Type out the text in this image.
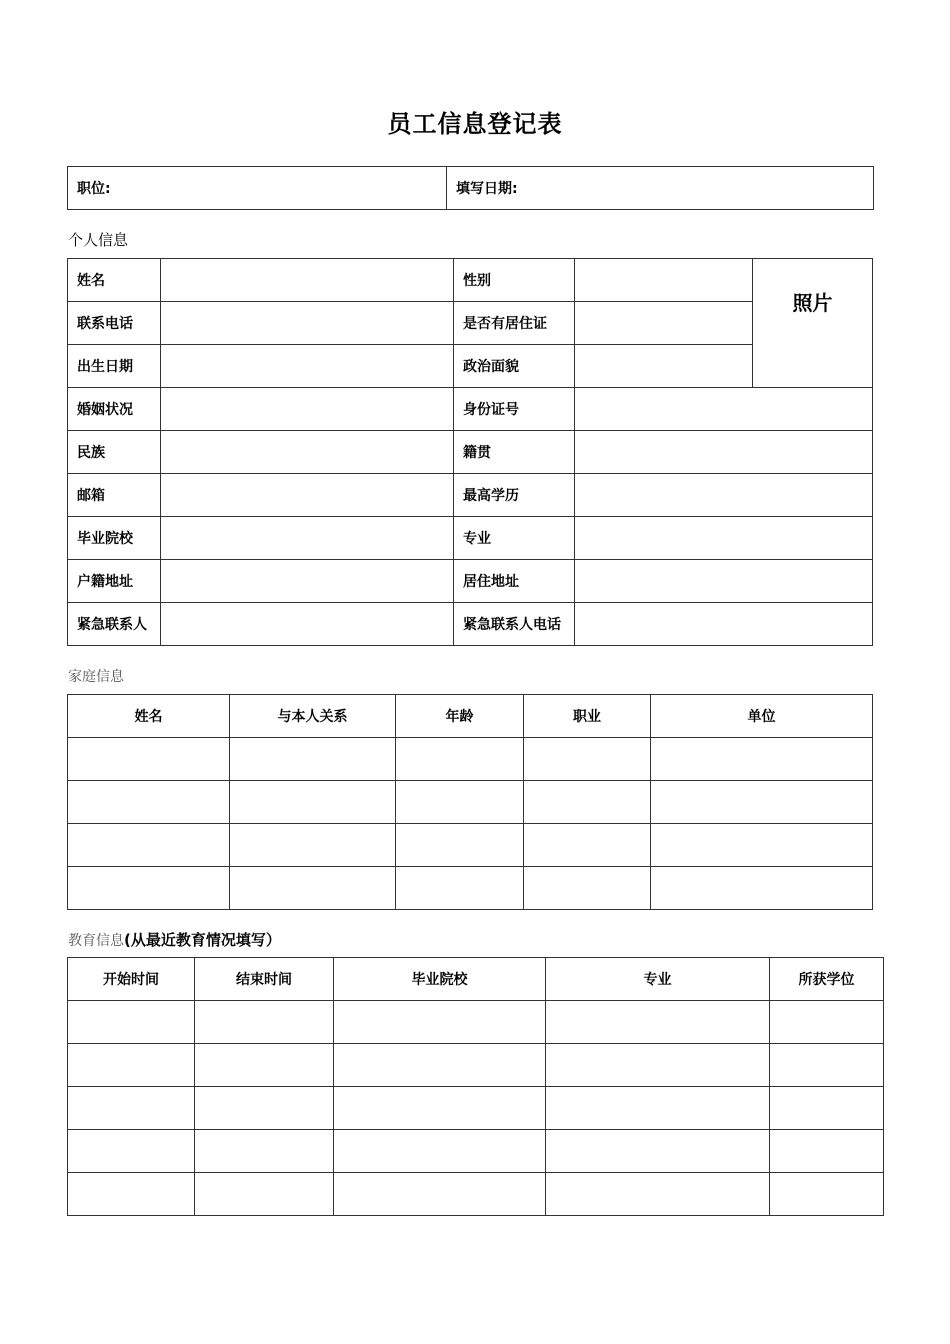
员工信息登记表
职位:	填写日期:
个人信息
姓名		性别		照片

联系电话		是否有居住证		
出生日期		政治面貌		
婚姻状况		身份证号		
民族		籍贯		
邮箱		最高学历		
毕业院校		专业		
户籍地址		居住地址		
紧急联系人		紧急联系人电话		
家庭信息
姓名	与本人关系	年龄	职业	单位

教育信息(从最近教育情况填写）
开始时间	结束时间	毕业院校	专业	所获学位
